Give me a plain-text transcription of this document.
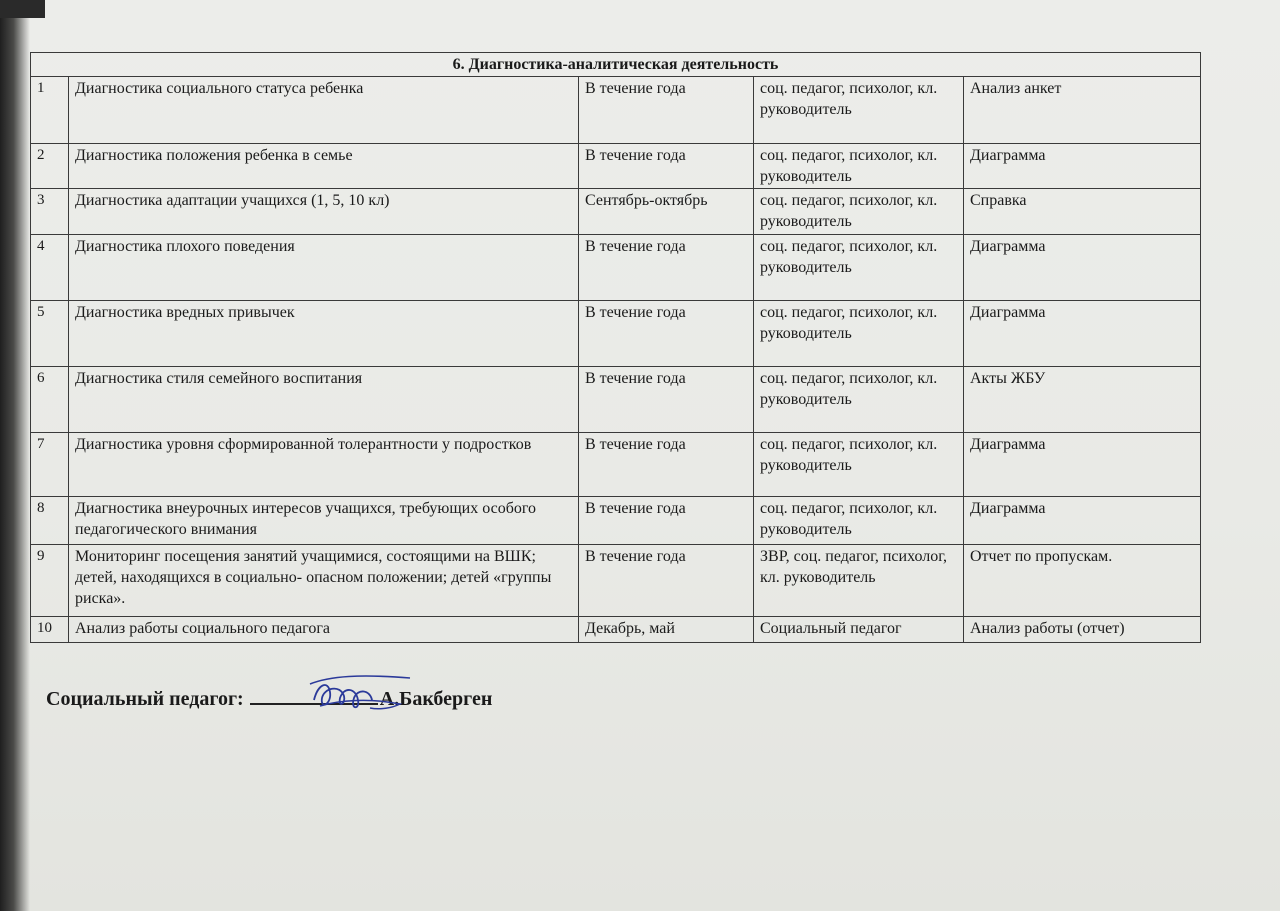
6. Диагностика-аналитическая деятельность				
1	Диагностика социального статуса ребенка	В течение года	соц. педагог, психолог, кл. руководитель	Анализ анкет
2	Диагностика положения ребенка в семье	В течение года	соц. педагог, психолог, кл. руководитель	Диаграмма
3	Диагностика адаптации учащихся (1, 5, 10 кл)	Сентябрь-октябрь	соц. педагог, психолог, кл. руководитель	Справка
4	Диагностика плохого поведения	В течение года	соц. педагог, психолог, кл. руководитель	Диаграмма
5	Диагностика вредных привычек	В течение года	соц. педагог, психолог, кл. руководитель	Диаграмма
6	Диагностика стиля семейного воспитания	В течение года	соц. педагог, психолог, кл. руководитель	Акты ЖБУ
7	Диагностика уровня сформированной толерантности у подростков	В течение года	соц. педагог, психолог, кл. руководитель	Диаграмма
8	Диагностика внеурочных интересов учащихся, требующих особого педагогического внимания	В течение года	соц. педагог, психолог, кл. руководитель	Диаграмма
9	Мониторинг посещения занятий учащимися, состоящими на ВШК; детей, находящихся в социально- опасном положении; детей «группы риска».	В течение года	ЗВР, соц. педагог, психолог, кл. руководитель	Отчет по пропускам.
10	Анализ работы социального педагога	Декабрь, май	Социальный педагог	Анализ работы (отчет)
Социальный педагог:	А.Бакберген
